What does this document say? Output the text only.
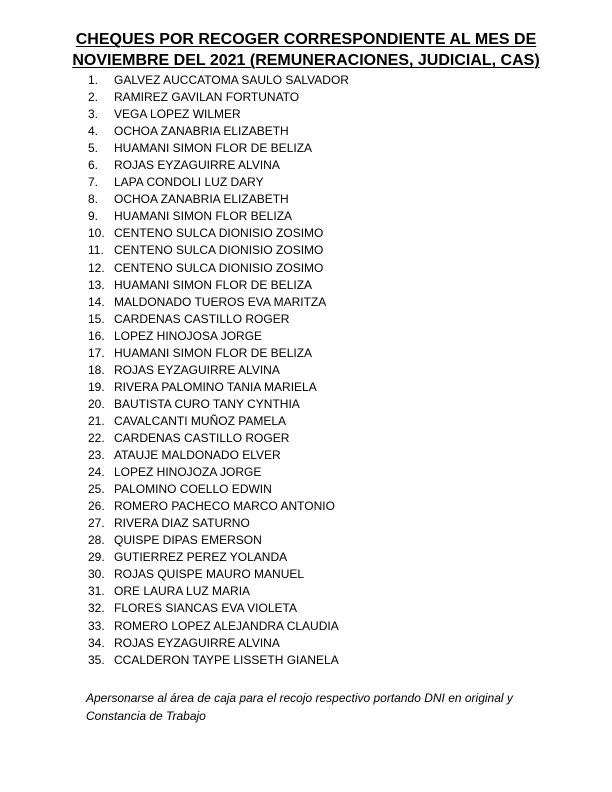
CHEQUES POR RECOGER CORRESPONDIENTE AL MES DE
NOVIEMBRE DEL 2021 (REMUNERACIONES, JUDICIAL, CAS)
1. GALVEZ AUCCATOMA SAULO SALVADOR
2. RAMIREZ GAVILAN FORTUNATO
3. VEGA LOPEZ WILMER
4. OCHOA ZANABRIA ELIZABETH
5. HUAMANI SIMON FLOR DE BELIZA
6. ROJAS EYZAGUIRRE ALVINA
7. LAPA CONDOLI LUZ DARY
8. OCHOA ZANABRIA ELIZABETH
9. HUAMANI SIMON FLOR BELIZA
10. CENTENO SULCA DIONISIO ZOSIMO
11. CENTENO SULCA DIONISIO ZOSIMO
12. CENTENO SULCA DIONISIO ZOSIMO
13. HUAMANI SIMON FLOR DE BELIZA
14. MALDONADO TUEROS EVA MARITZA
15. CARDENAS CASTILLO ROGER
16. LOPEZ HINOJOSA JORGE
17. HUAMANI SIMON FLOR DE BELIZA
18. ROJAS EYZAGUIRRE ALVINA
19. RIVERA PALOMINO TANIA MARIELA
20. BAUTISTA CURO TANY CYNTHIA
21. CAVALCANTI MUÑOZ PAMELA
22. CARDENAS CASTILLO ROGER
23. ATAUJE MALDONADO ELVER
24. LOPEZ HINOJOZA JORGE
25. PALOMINO COELLO EDWIN
26. ROMERO PACHECO MARCO ANTONIO
27. RIVERA DIAZ SATURNO
28. QUISPE DIPAS EMERSON
29. GUTIERREZ PEREZ YOLANDA
30. ROJAS QUISPE MAURO MANUEL
31. ORE LAURA LUZ MARIA
32. FLORES SIANCAS EVA VIOLETA
33. ROMERO LOPEZ ALEJANDRA CLAUDIA
34. ROJAS EYZAGUIRRE ALVINA
35. CCALDERON TAYPE LISSETH GIANELA
Apersonarse al área de caja para el recojo respectivo portando DNI en original y Constancia de Trabajo
